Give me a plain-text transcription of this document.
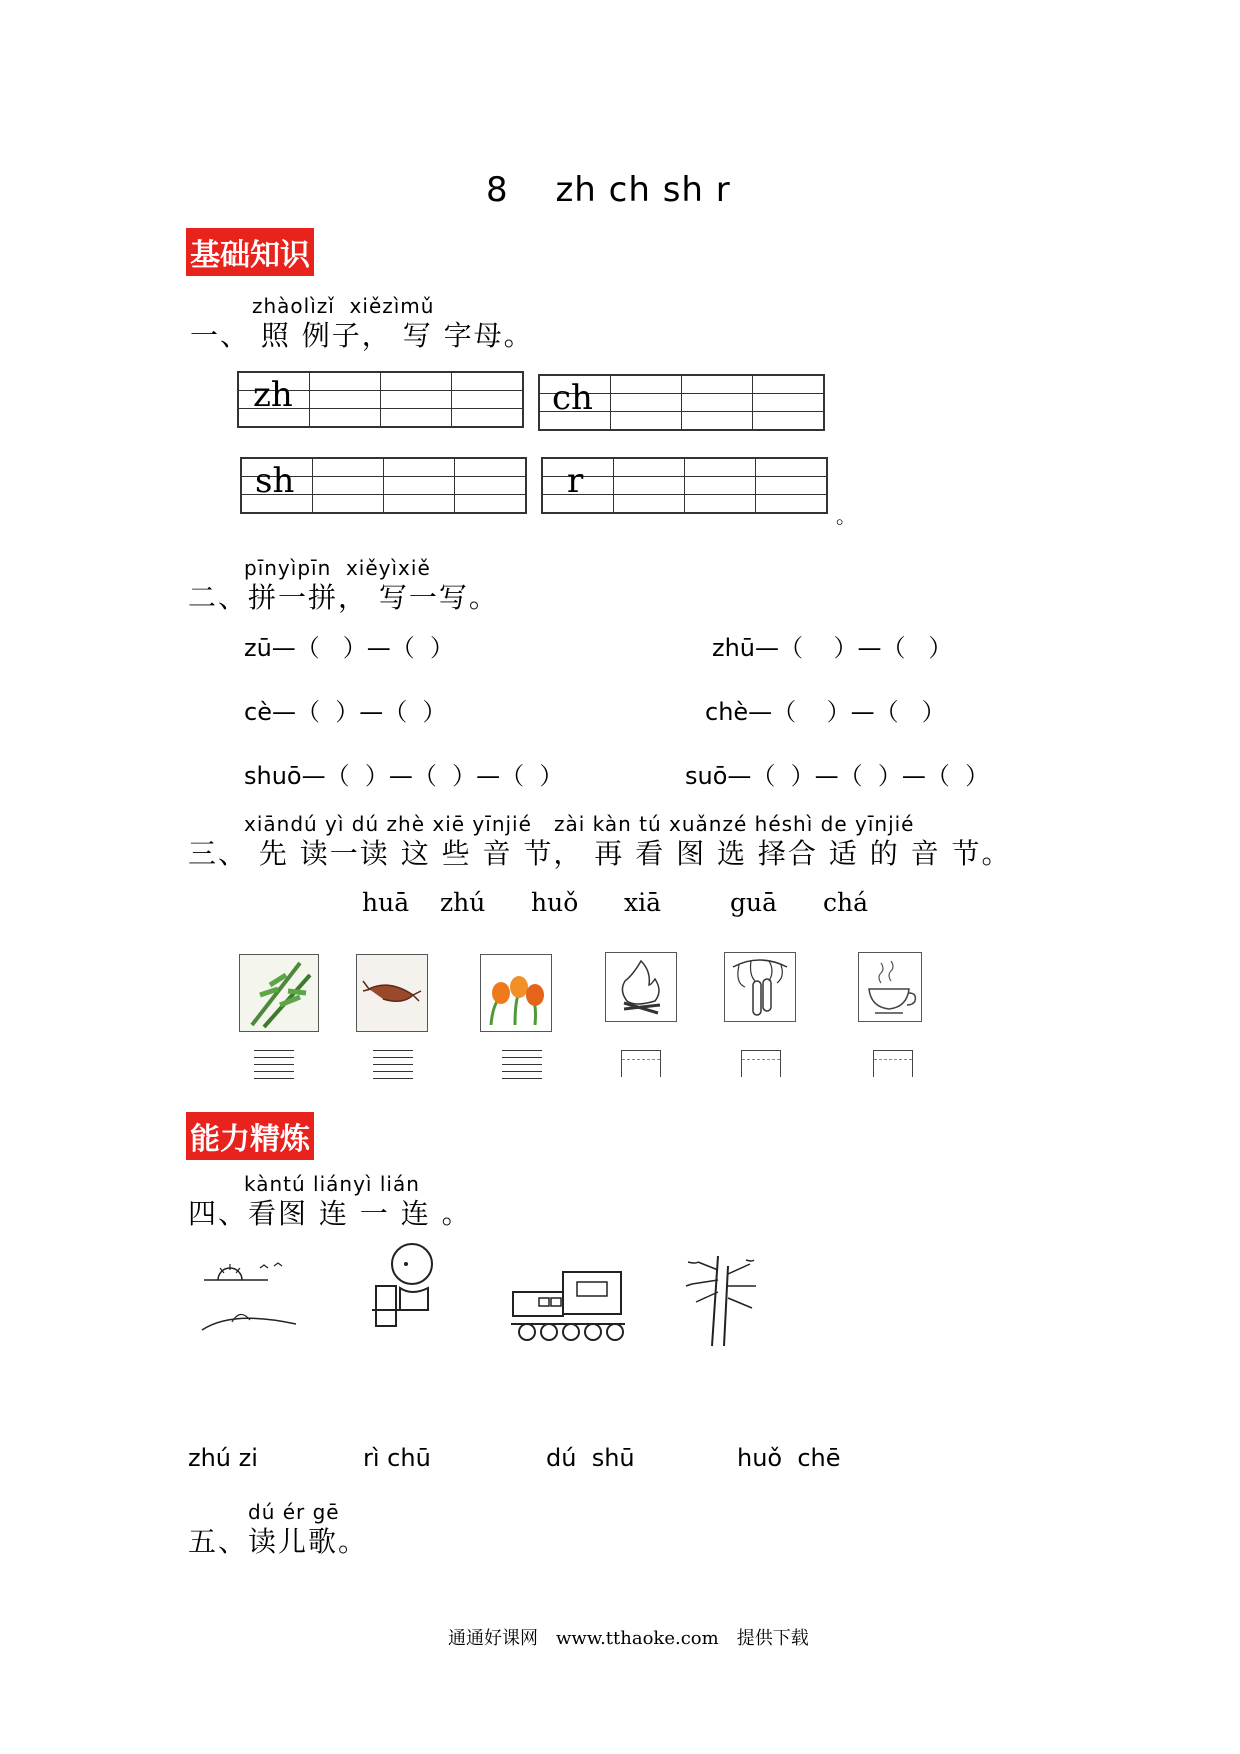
8　 zh ch sh r
基础知识
zhàolìzǐ  xiězìmǔ
一、 照 例子， 写 字母。

zh

				ch

sh

				r
。
pīnyìpīn  xiěyìxiě
二、拼一拼， 写一写。
zū—（   ）—（  ）	zhū—（    ）—（   ）
cè—（  ）—（  ）	chè—（    ）—（   ）
shuō—（  ）—（  ）—（  ）	suō—（  ）—（  ）—（  ）
xiāndú yì dú zhè xiē yīnjié   zài kàn tú xuǎnzé héshì de yīnjié
三、 先 读一读 这 些 音 节， 再 看 图 选 择合 适 的 音 节。
huā zhú huǒ xiā	guā chá
能力精炼
kàntú liányì lián
四、看图 连 一 连 。
zhú zi	rì chū	dú  shū	huǒ  chē
dú ér gē
五、读儿歌。
通通好课网　www.tthaoke.com　提供下载
